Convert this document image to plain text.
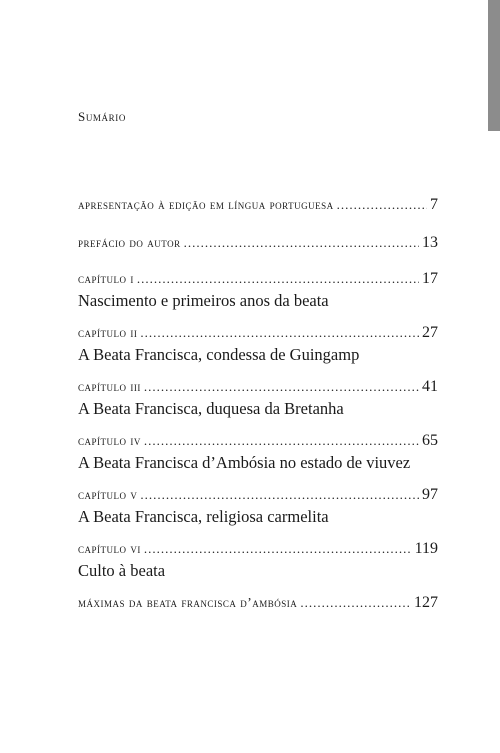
Sumário
apresentação à edição em língua portuguesa .....	7
prefácio do autor .....	13
capítulo i .....	17
Nascimento e primeiros anos da beata
capítulo ii .....	27
A Beata Francisca, condessa de Guingamp
capítulo iii .....	41
A Beata Francisca, duquesa da Bretanha
capítulo iv .....	65
A Beata Francisca d’Ambósia no estado de viuvez
capítulo v .....	97
A Beata Francisca, religiosa carmelita
capítulo vi .....	119
Culto à beata
máximas da beata francisca d’ambósia .....	127
